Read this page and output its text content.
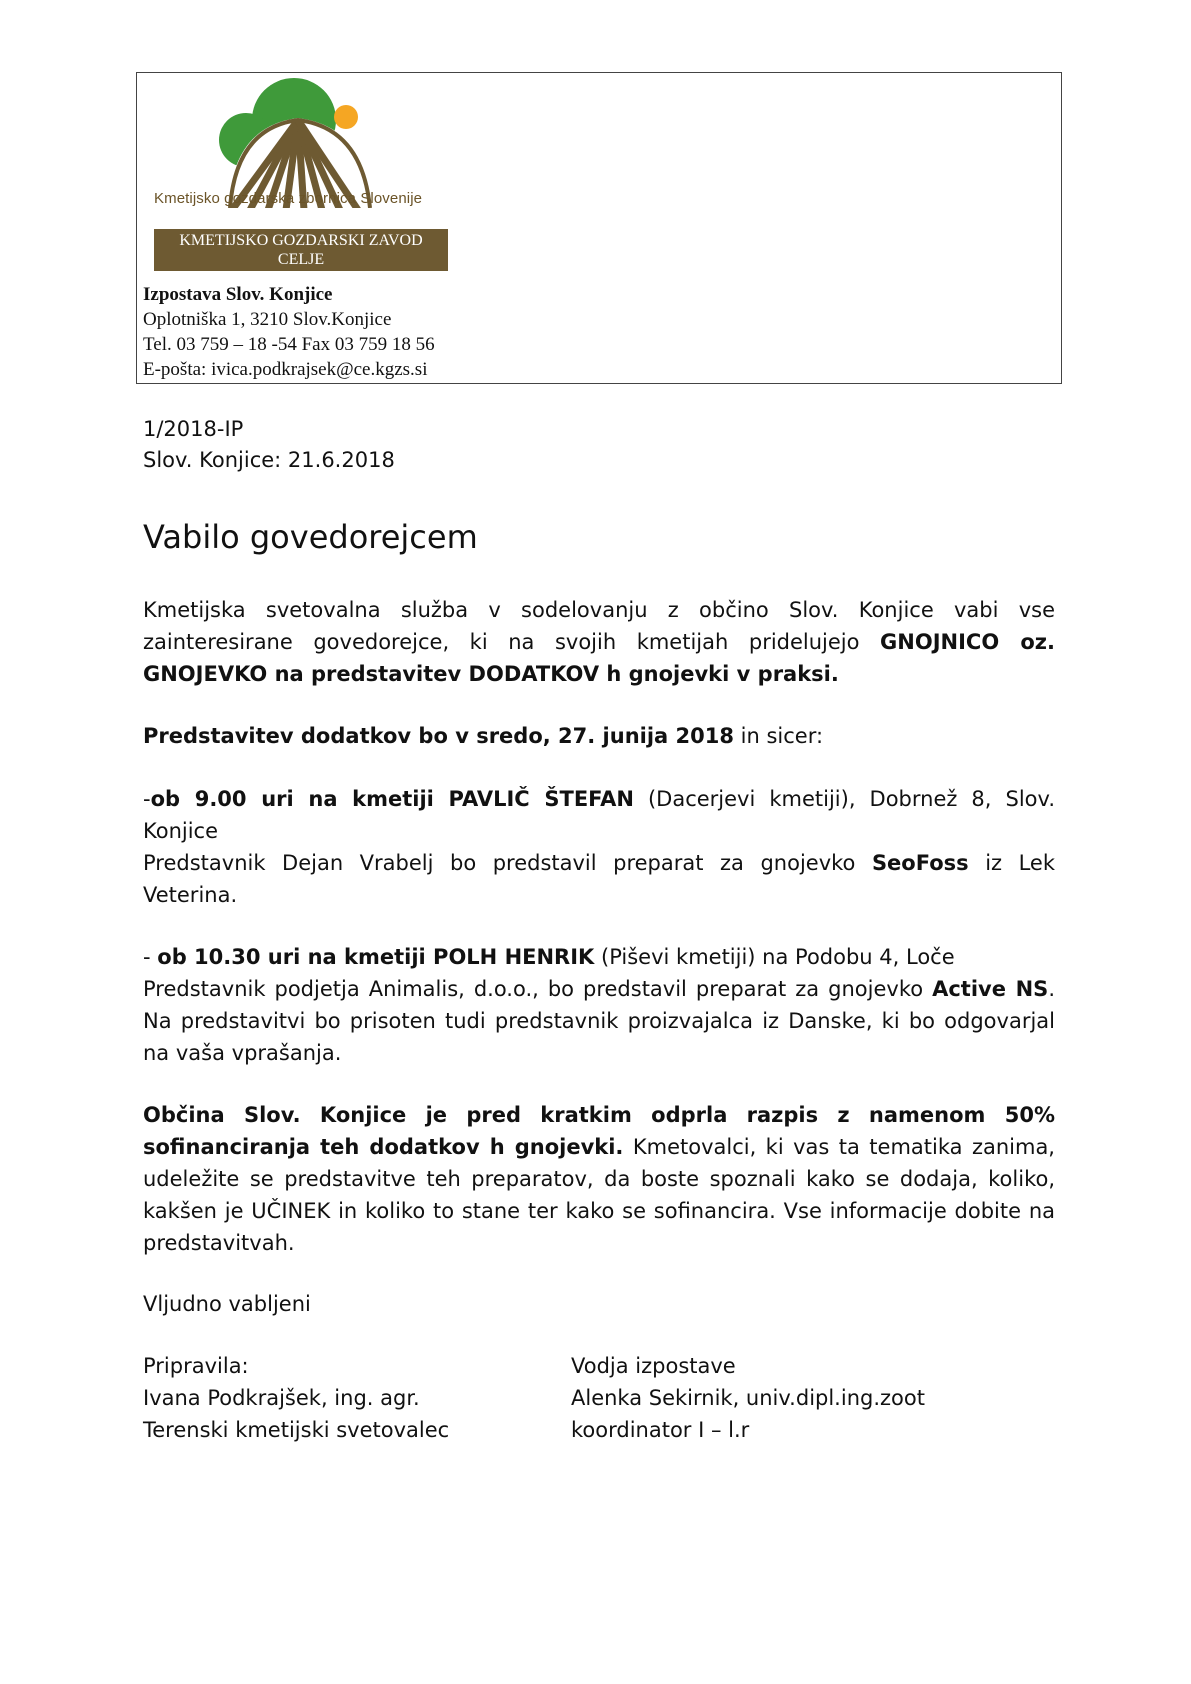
Kmetijsko gozdarska zbornica Slovenije
KMETIJSKO GOZDARSKI ZAVOD
CELJE
Izpostava Slov. Konjice
Oplotniška 1, 3210 Slov.Konjice
Tel. 03 759 – 18 -54 Fax 03 759 18 56
E-pošta: ivica.podkrajsek@ce.kgzs.si
1/2018-IP
Slov. Konjice: 21.6.2018
Vabilo govedorejcem

Kmetijska svetovalna služba v sodelovanju z občino Slov. Konjice vabi vse zainteresirane govedorejce, ki na svojih kmetijah pridelujejo GNOJNICO oz. GNOJEVKO na predstavitev DODATKOV h gnojevki v praksi.

Predstavitev dodatkov bo v sredo, 27. junija 2018 in sicer:

-ob 9.00 uri na kmetiji PAVLIČ ŠTEFAN (Dacerjevi kmetiji), Dobrnež 8, Slov. Konjice

Predstavnik Dejan Vrabelj bo predstavil preparat za gnojevko SeoFoss iz Lek Veterina.

- ob 10.30 uri na kmetiji POLH HENRIK (Piševi kmetiji) na Podobu 4, Loče

Predstavnik podjetja Animalis, d.o.o., bo predstavil preparat za gnojevko Active NS. Na predstavitvi bo prisoten tudi predstavnik proizvajalca iz Danske, ki bo odgovarjal na vaša vprašanja.

Občina Slov. Konjice je pred kratkim odprla razpis z namenom 50% sofinanciranja teh dodatkov h gnojevki. Kmetovalci, ki vas ta tematika zanima, udeležite se predstavitve teh preparatov, da boste spoznali kako se dodaja, koliko, kakšen je UČINEK in koliko to stane ter kako se sofinancira. Vse informacije dobite na predstavitvah.

Vljudno vabljeni
Pripravila:
Ivana Podkrajšek, ing. agr.
Terenski kmetijski svetovalec
Vodja izpostave
Alenka Sekirnik, univ.dipl.ing.zoot
koordinator I – l.r
